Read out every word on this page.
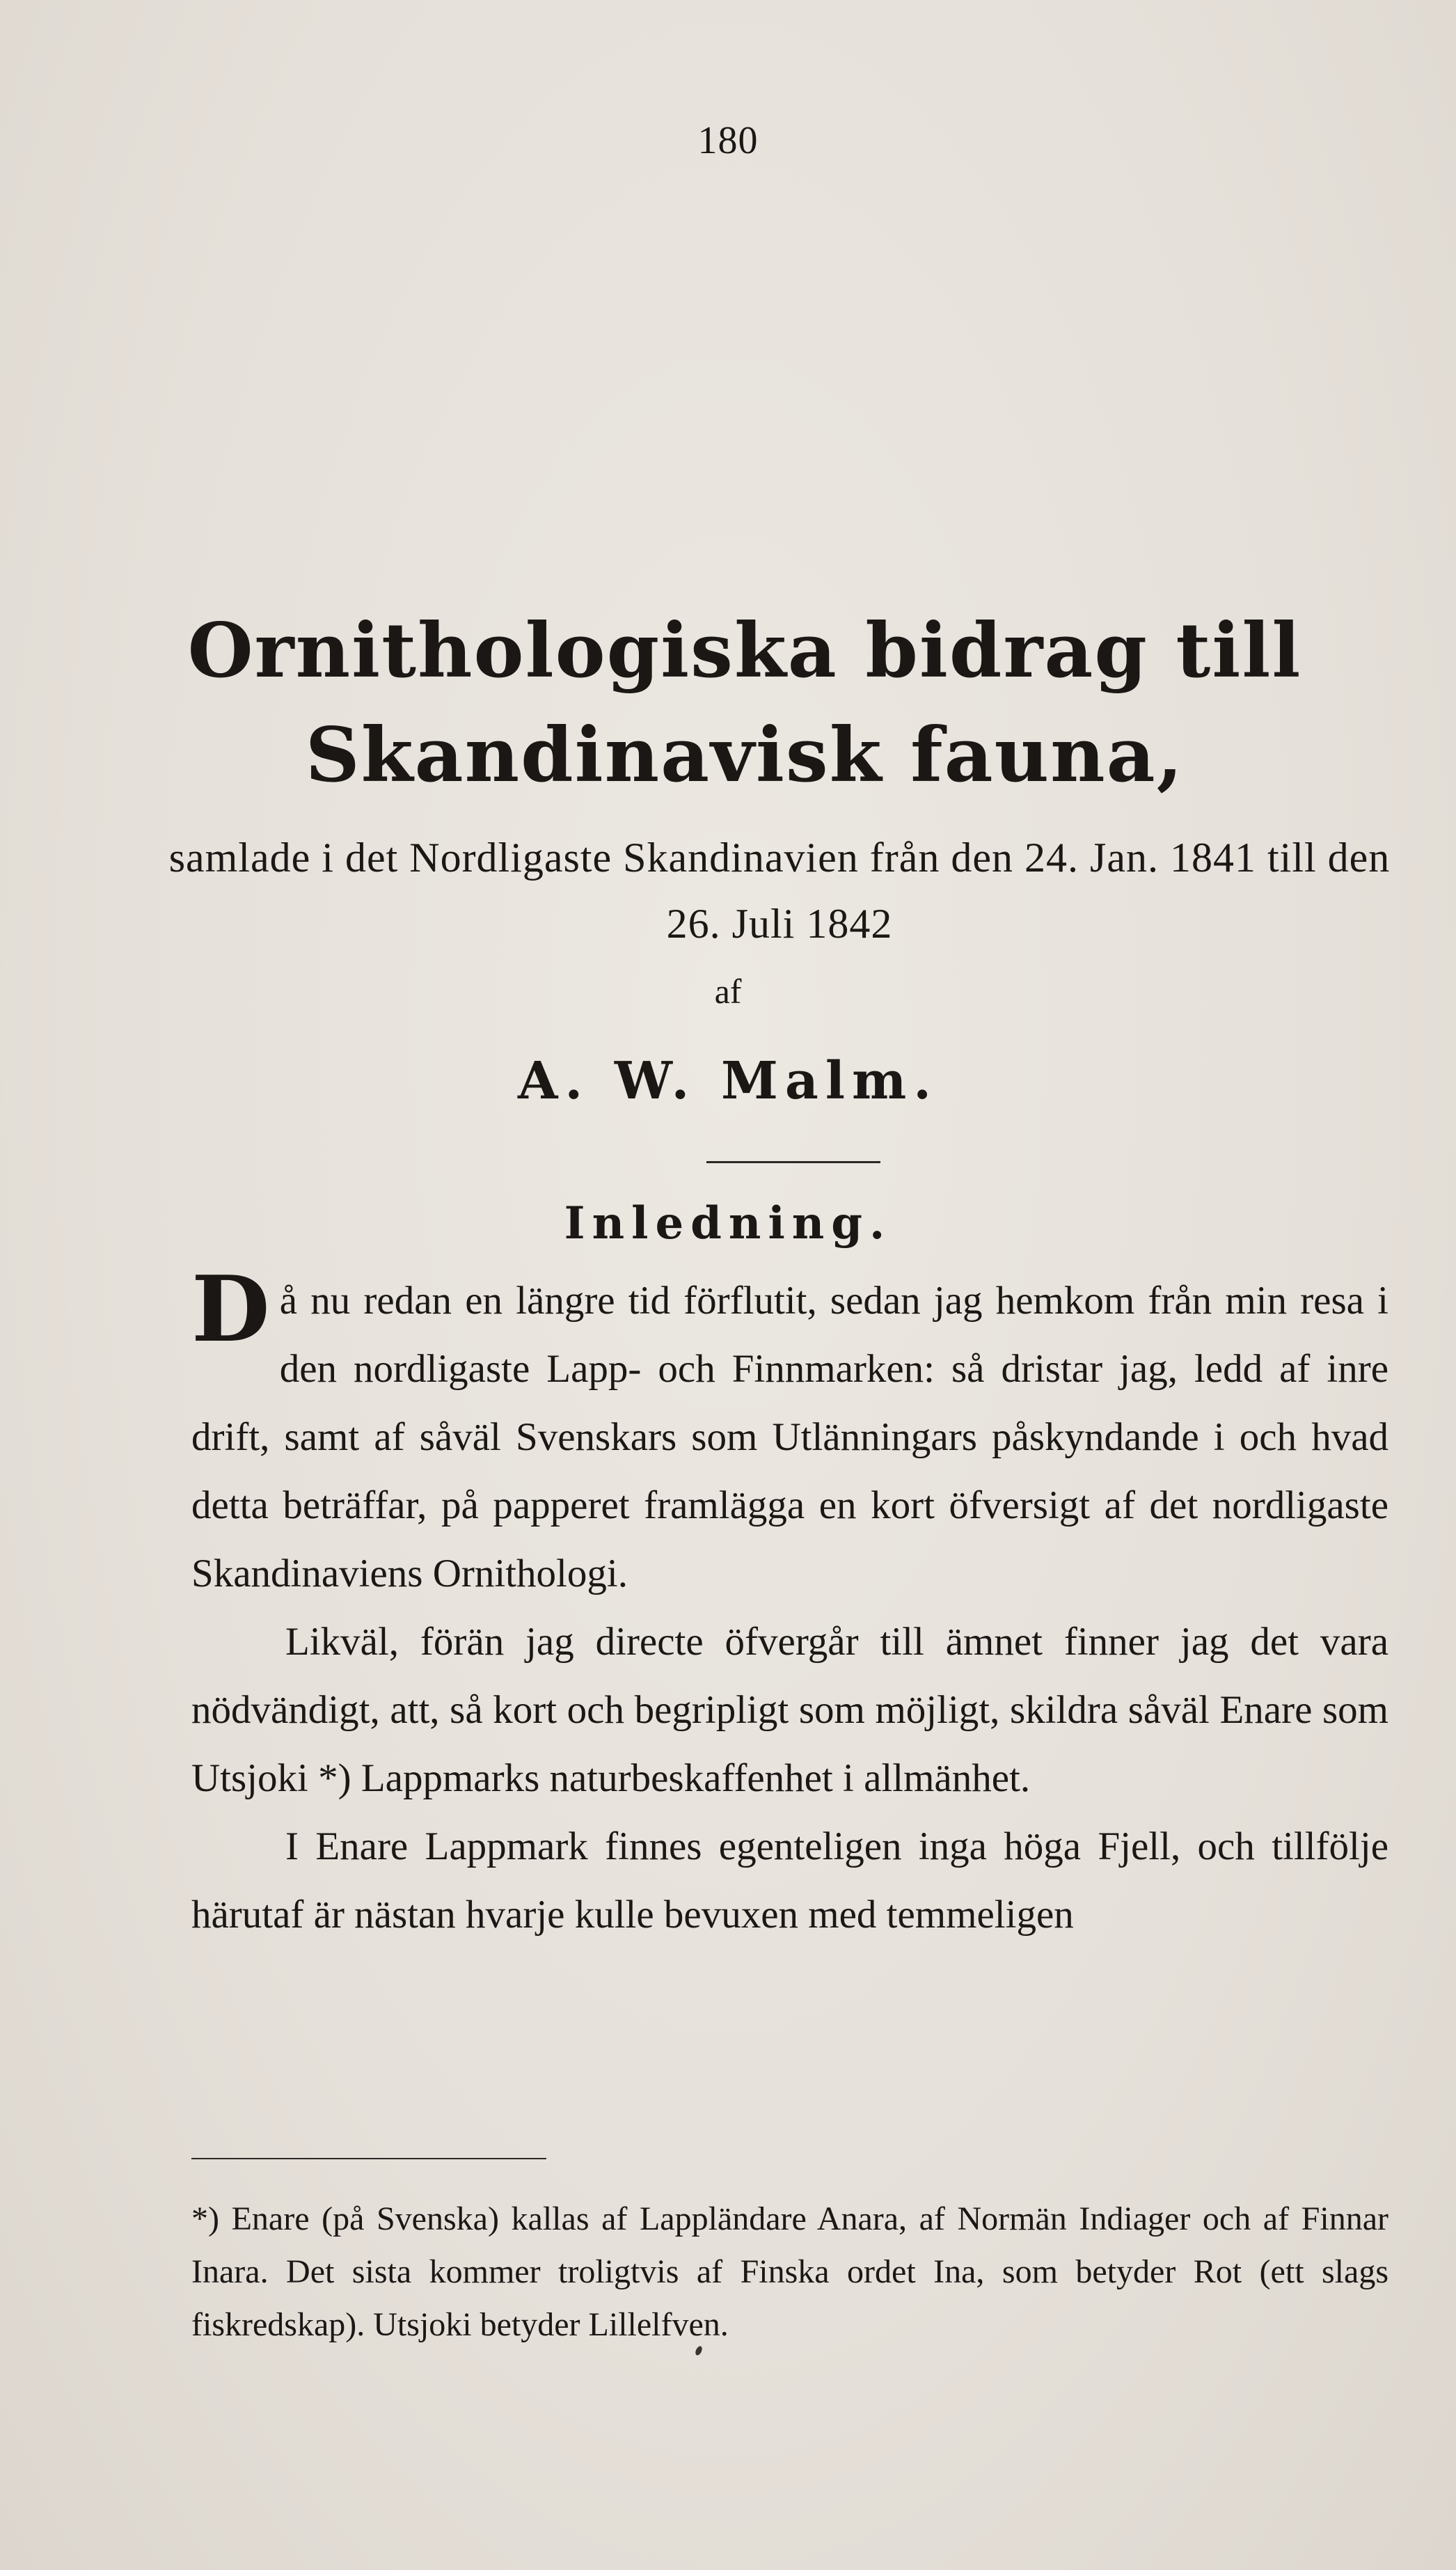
180
Ornithologiska bidrag till Skandinavisk fauna,
samlade i det Nordligaste Skandinavien från den 24. Jan. 1841 till den 26. Juli 1842
af
A. W. Malm.
Inledning.

Då nu redan en längre tid förflutit, sedan jag hemkom från min resa i den nordligaste Lapp- och Finnmarken: så dristar jag, ledd af inre drift, samt af såväl Svenskars som Utlänningars påskyndande i och hvad detta beträffar, på papperet framlägga en kort öfversigt af det nordligaste Skandinaviens Ornithologi.

Likväl, förän jag directe öfvergår till ämnet finner jag det vara nödvändigt, att, så kort och begripligt som möjligt, skildra såväl Enare som Utsjoki *) Lappmarks naturbeskaffenhet i allmänhet.

I Enare Lappmark finnes egenteligen inga höga Fjell, och tillfölje härutaf är nästan hvarje kulle bevuxen med temmeligen

*) Enare (på Svenska) kallas af Lappländare Anara, af Normän Indiager och af Finnar Inara. Det sista kommer troligtvis af Finska ordet Ina, som betyder Rot (ett slags fiskredskap). Utsjoki betyder Lillelfven.
